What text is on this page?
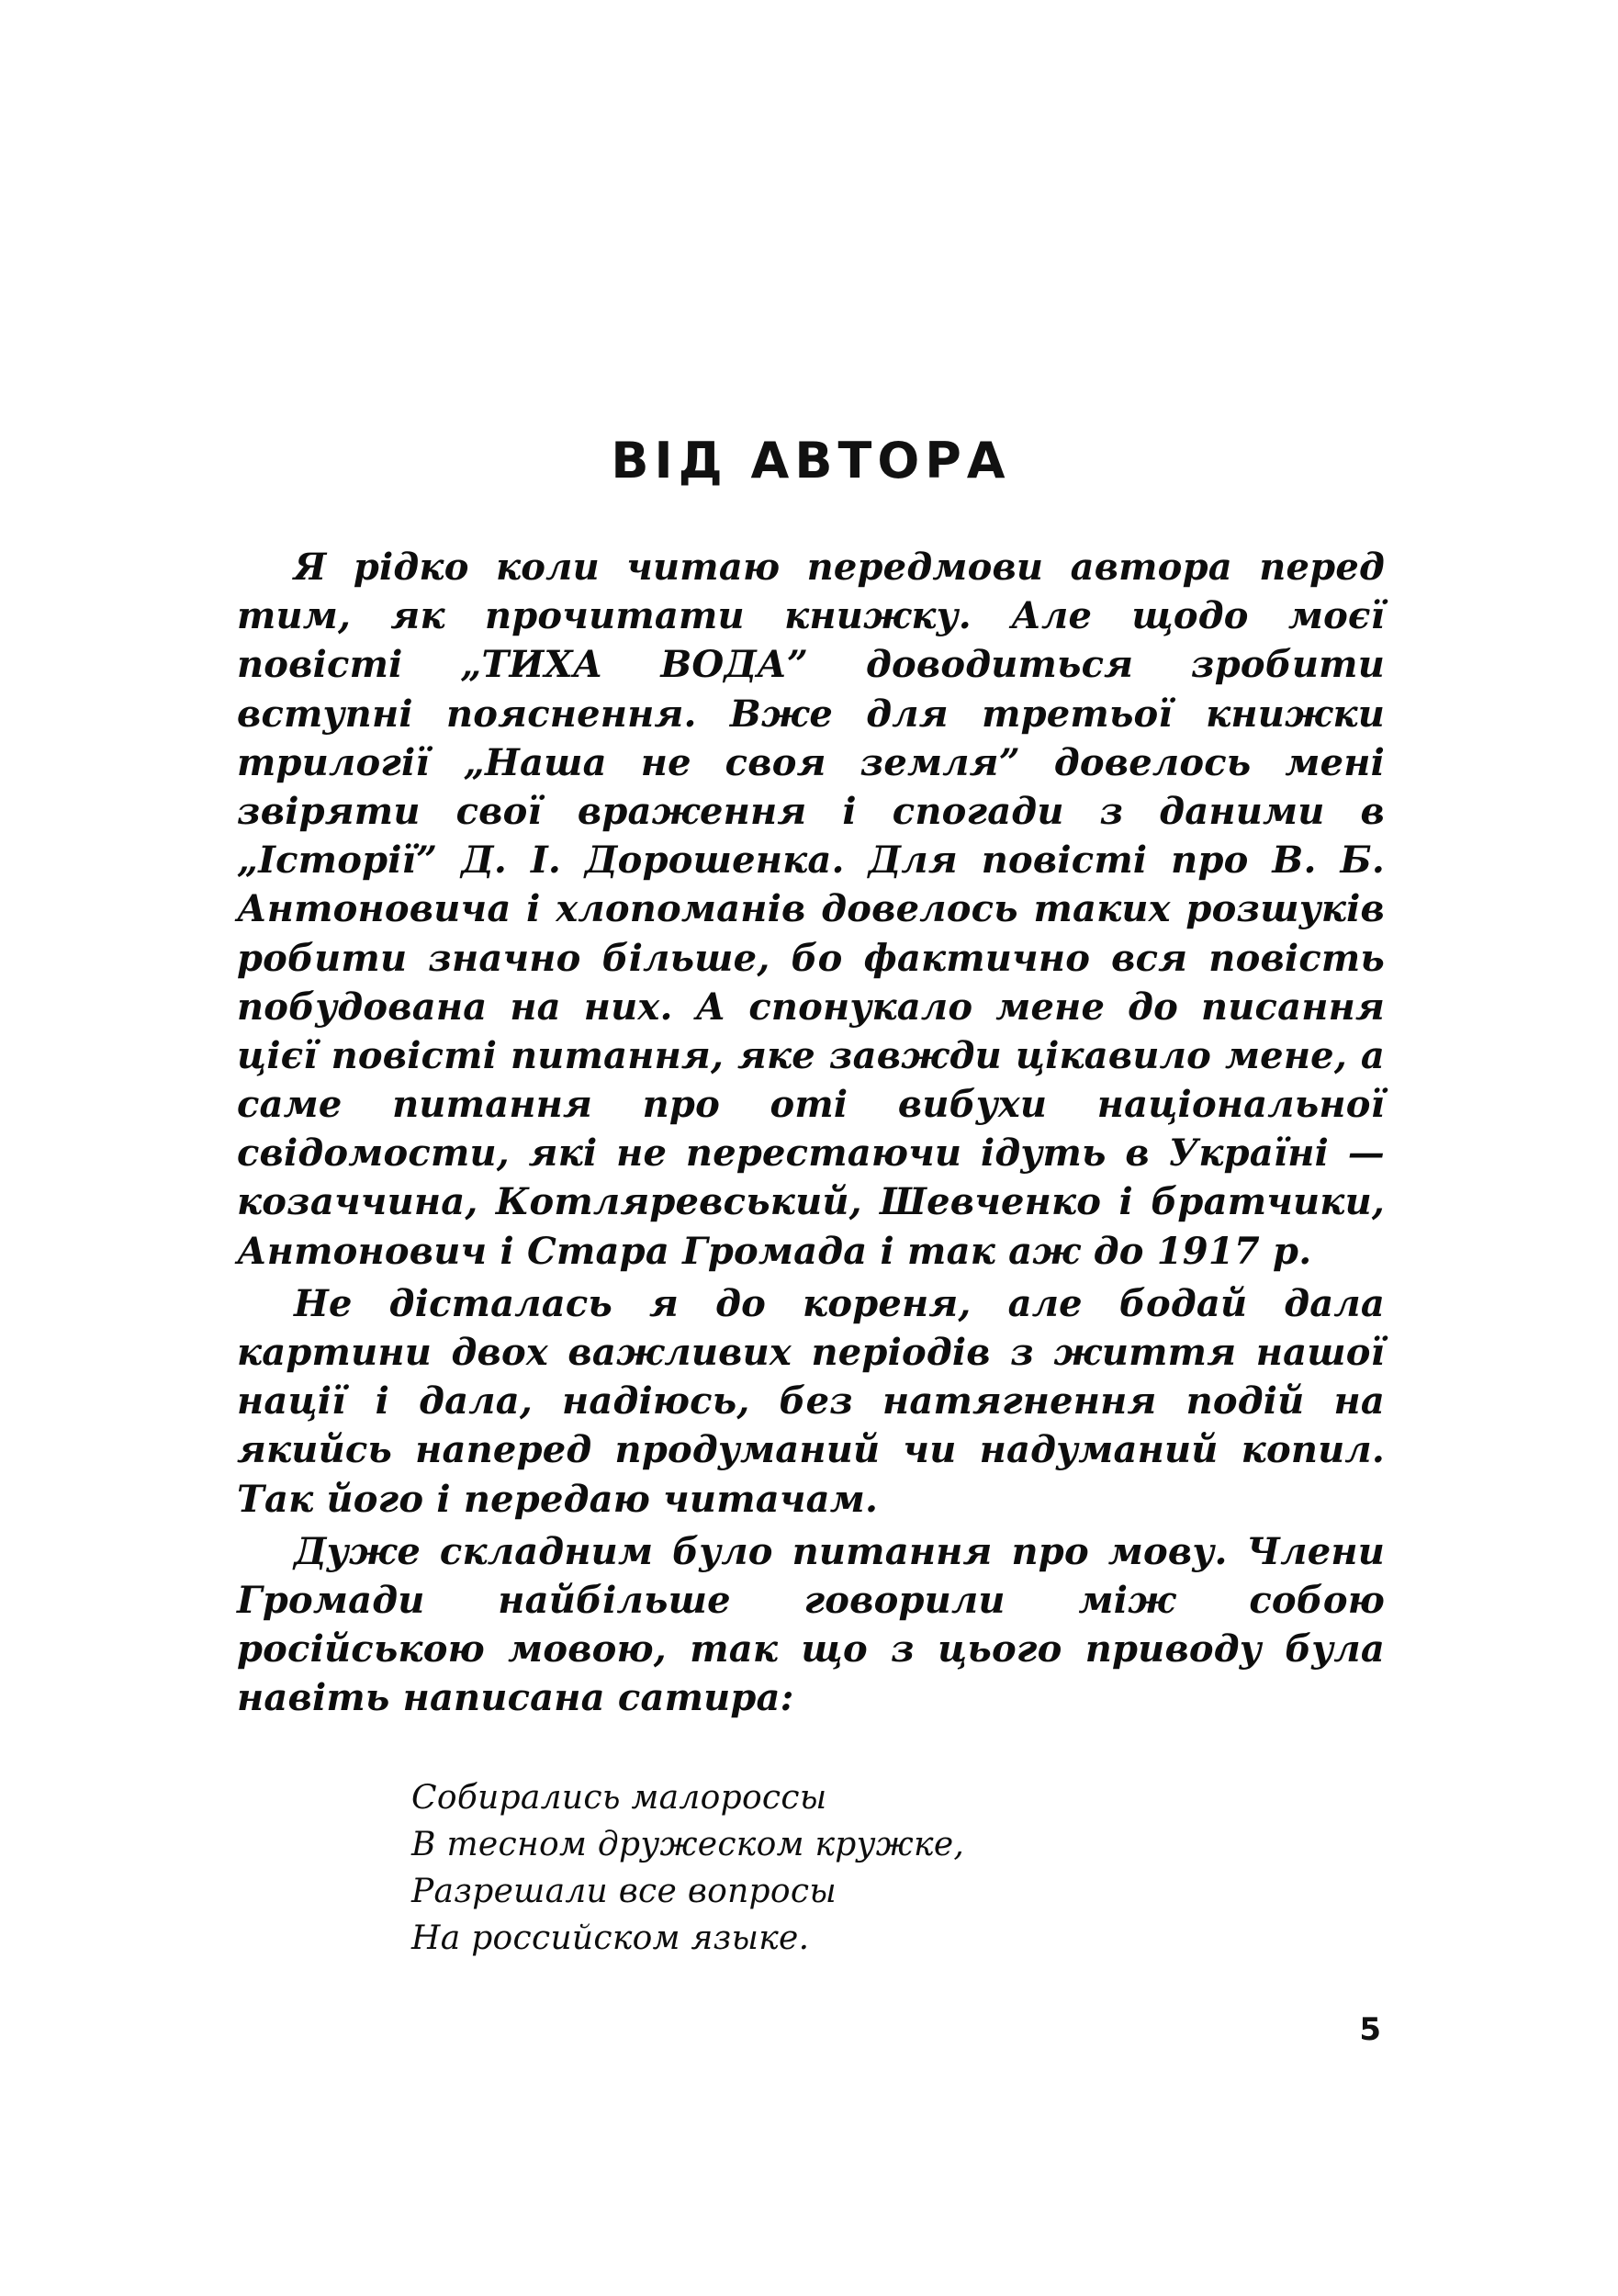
ВІД АВТОРА

Я рідко коли читаю передмови автора перед тим, як прочитати книжку. Але щодо моєї повісті „ТИХА ВОДА” доводиться зробити вступні пояснення. Вже для третьої книжки трилогії „Наша не своя земля” довелось мені звіряти свої враження і спогади з даними в „Історії” Д. І. Дорошенка. Для повісті про В. Б. Антоновича і хлопоманів довелось таких розшуків робити значно більше, бо фактично вся повість побудована на них. А спонукало мене до писання цієї повісті питання, яке завжди цікавило мене, а саме питання про оті вибухи національної свідомости, які не перестаючи ідуть в Україні — козаччина, Котляревський, Шевченко і братчики, Антонович і Стара Громада і так аж до 1917 р.

Не дісталась я до кореня, але бодай дала картини двох важливих періодів з життя нашої нації і дала, надіюсь, без натягнення подій на якийсь наперед продуманий чи надуманий копил. Так його і передаю читачам.

Дуже складним було питання про мову. Члени Громади найбільше говорили між собою російською мовою, так що з цього приводу була навіть написана сатира:

Собирались малороссы
В тесном дружеском кружке,
Разрешали все вопросы
На российском языке.
5
